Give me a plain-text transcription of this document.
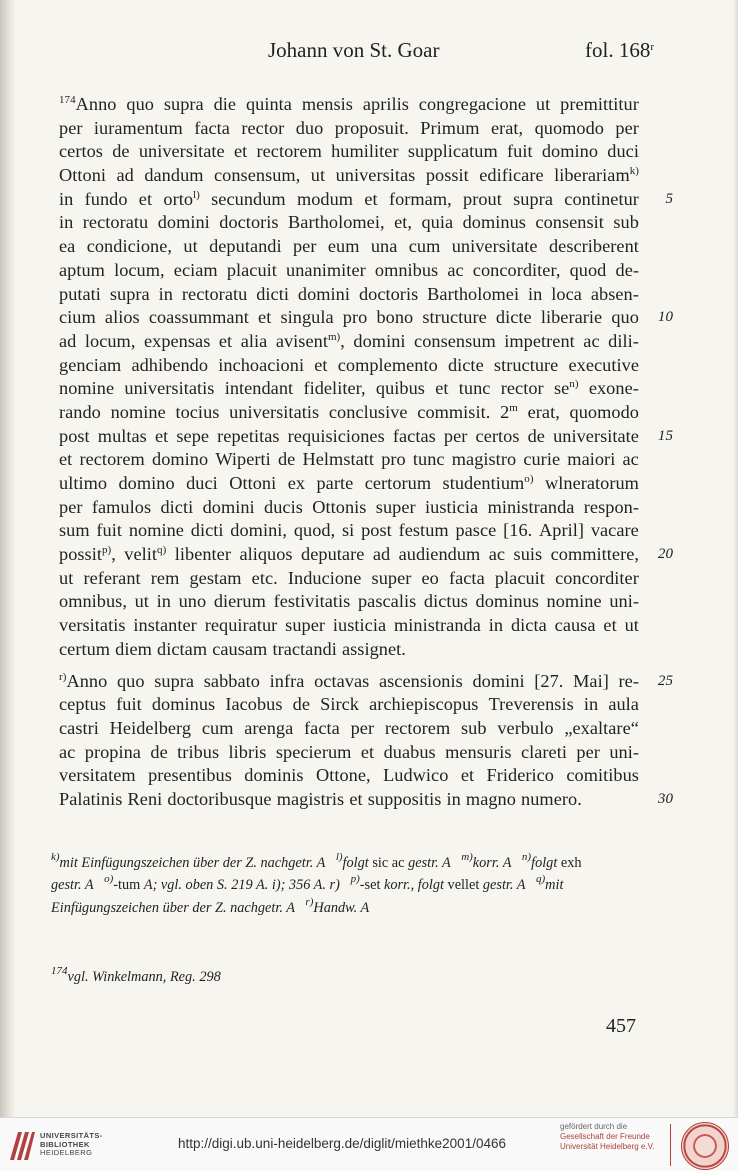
Johann von St. Goar	fol. 168$^r$
$^{174}$Anno quo supra die quinta mensis aprilis congregacione ut premittitur
per iuramentum facta rector duo proposuit. Primum erat, quomodo per
certos de universitate et rectorem humiliter supplicatum fuit domino duci
Ottoni ad dandum consensum, ut universitas possit edificare liberariam$^{k)}$
in fundo et orto$^{l)}$ secundum modum et formam, prout supra continetur	5
in rectoratu domini doctoris Bartholomei, et, quia dominus consensit sub
ea condicione, ut deputandi per eum una cum universitate describerent
aptum locum, eciam placuit unanimiter omnibus ac concorditer, quod de-
putati supra in rectoratu dicti domini doctoris Bartholomei in loca absen-
cium alios coassummant et singula pro bono structure dicte liberarie quo	10
ad locum, expensas et alia avisent$^{m)}$, domini consensum impetrent ac dili-
genciam adhibendo inchoacioni et complemento dicte structure executive
nomine universitatis intendant fideliter, quibus et tunc rector $se^{n)}$ exone-
rando nomine tocius universitatis conclusive commisit. 2$^m$ erat, quomodo
post multas et sepe repetitas requisiciones factas per certos de universitate	15
et rectorem domino Wiperti de Helmstatt pro tunc magistro curie maiori ac
ultimo domino duci Ottoni ex parte certorum studentium$^{o)}$ wlneratorum
per famulos dicti domini ducis Ottonis super iusticia ministranda respon-
sum fuit nomine dicti domini, quod, si post festum pasce [16. April] vacare
possit$^{p)}$, velit$^{q)}$ libenter aliquos deputare ad audiendum ac suis committere,	20
ut referant rem gestam etc. Inducione super eo facta placuit concorditer
omnibus, ut in uno dierum festivitatis pascalis dictus dominus nomine uni-
versitatis instanter requiratur super iusticia ministranda in dicta causa et ut
certum diem dictam causam tractandi assignet.
$^{r)}$Anno quo supra sabbato infra octavas ascensionis domini [27. Mai] re-	25
ceptus fuit dominus Iacobus de Sirck archiepiscopus Treverensis in aula
castri Heidelberg cum arenga facta per rectorem sub verbulo „exaltare“
ac propina de tribus libris specierum et duabus mensuris clareti per uni-
versitatem presentibus dominis Ottone, Ludwico et Friderico comitibus
Palatinis Reni doctoribusque magistris et suppositis in magno numero.	30
$^{k)}$mit Einfügungszeichen über der Z. nachgetr. A   $^{l)}$folgt sic ac gestr. A   $^{m)}$korr. A   $^{n)}$folgt exh
gestr. A   $^{o)}$-tum A; vgl. oben S. 219 A. i); 356 A. r)   $^{p)}$-set korr., folgt vellet gestr. A   $^{q)}$mit
Einfügungszeichen über der Z. nachgetr. A   $^{r)}$Handw. A
$^{174}$vgl. Winkelmann, Reg. 298
457
UNIVERSITÄTS-
BIBLIOTHEK
HEIDELBERG
http://digi.ub.uni-heidelberg.de/diglit/miethke2001/0466
gefördert durch die
Gesellschaft der Freunde
Universität Heidelberg e.V.
